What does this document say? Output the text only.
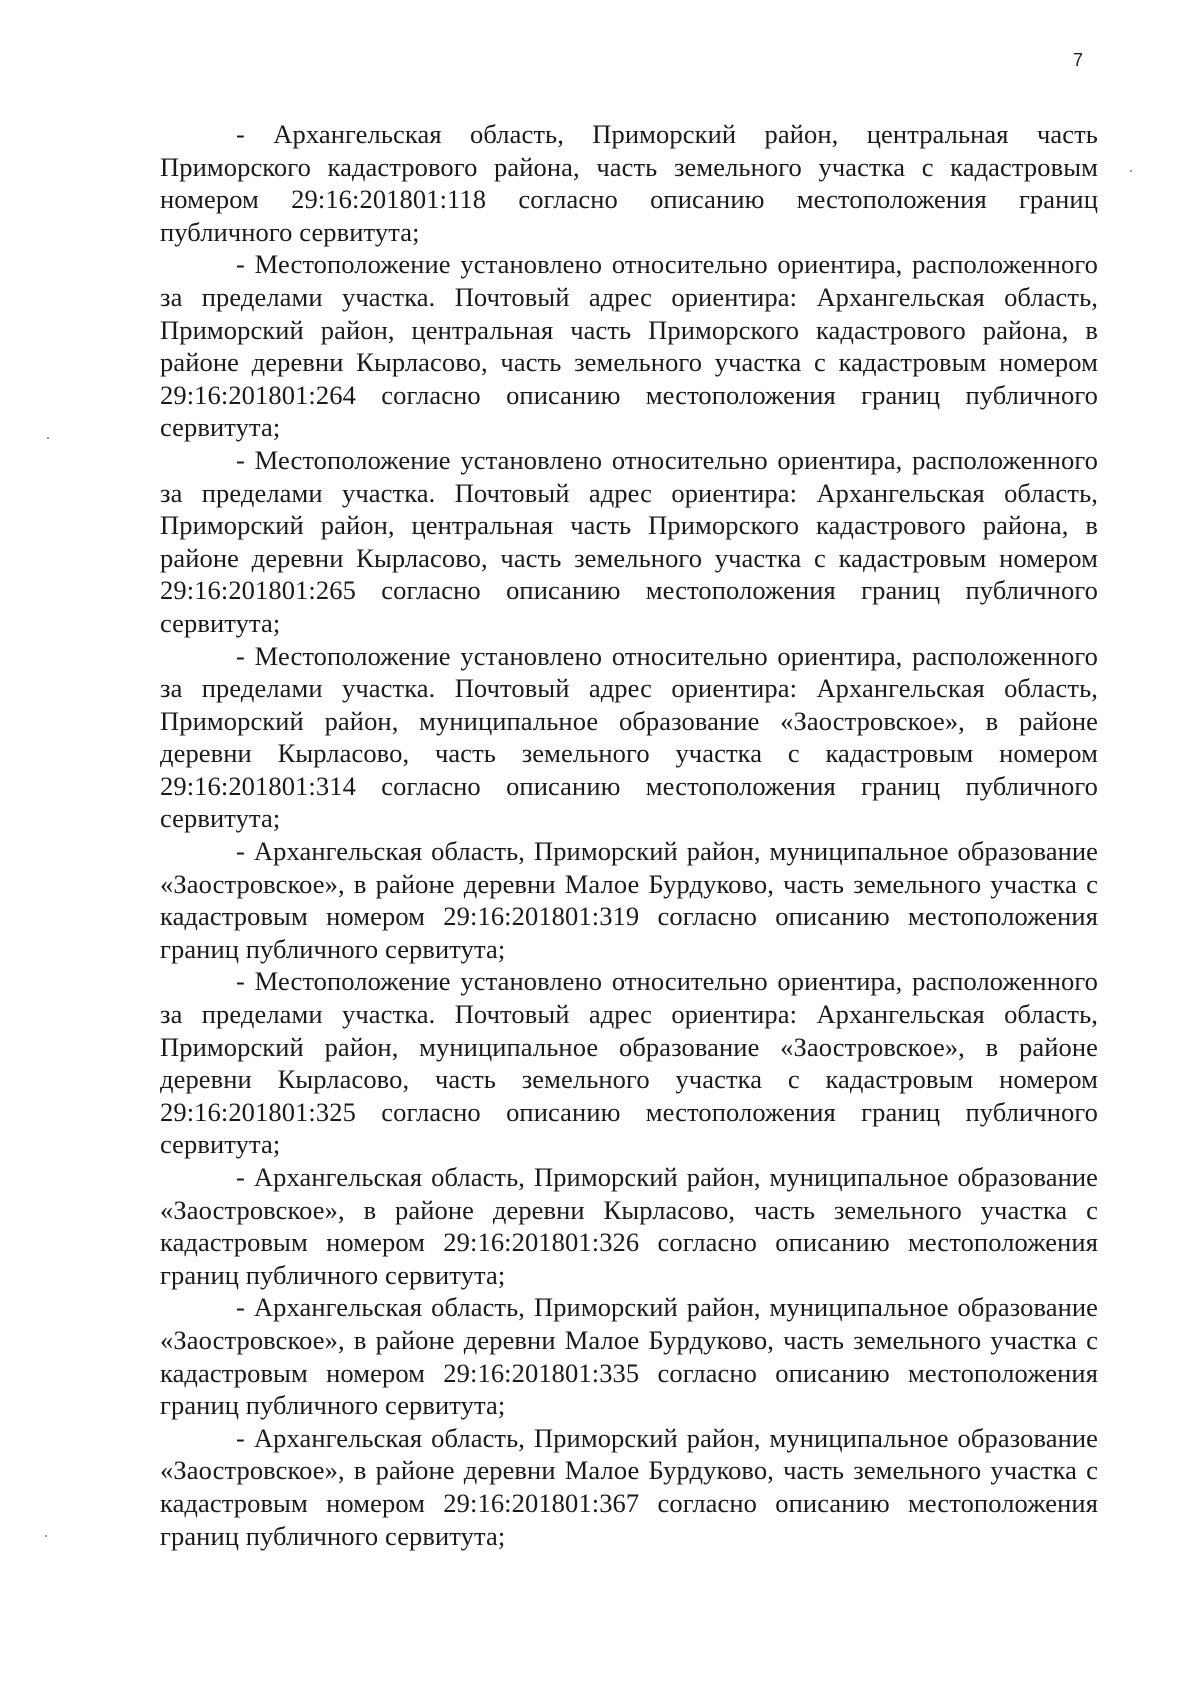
7

- Архангельская область, Приморский район, центральная часть Приморского кадастрового района, часть земельного участка с кадастровым номером 29:16:201801:118 согласно описанию местоположения границ публичного сервитута;

- Местоположение установлено относительно ориентира, расположенного за пределами участка. Почтовый адрес ориентира: Архангельская область, Приморский район, центральная часть Приморского кадастрового района, в районе деревни Кырласово, часть земельного участка с кадастровым номером 29:16:201801:264 согласно описанию местоположения границ публичного сервитута;

- Местоположение установлено относительно ориентира, расположенного за пределами участка. Почтовый адрес ориентира: Архангельская область, Приморский район, центральная часть Приморского кадастрового района, в районе деревни Кырласово, часть земельного участка с кадастровым номером 29:16:201801:265 согласно описанию местоположения границ публичного сервитута;

- Местоположение установлено относительно ориентира, расположенного за пределами участка. Почтовый адрес ориентира: Архангельская область, Приморский район, муниципальное образование «Заостровское», в районе деревни Кырласово, часть земельного участка с кадастровым номером 29:16:201801:314 согласно описанию местоположения границ публичного сервитута;

- Архангельская область, Приморский район, муниципальное образование «Заостровское», в районе деревни Малое Бурдуково, часть земельного участка с кадастровым номером 29:16:201801:319 согласно описанию местоположения границ публичного сервитута;

- Местоположение установлено относительно ориентира, расположенного за пределами участка. Почтовый адрес ориентира: Архангельская область, Приморский район, муниципальное образование «Заостровское», в районе деревни Кырласово, часть земельного участка с кадастровым номером 29:16:201801:325 согласно описанию местоположения границ публичного сервитута;

- Архангельская область, Приморский район, муниципальное образование «Заостровское», в районе деревни Кырласово, часть земельного участка с кадастровым номером 29:16:201801:326 согласно описанию местоположения границ публичного сервитута;

- Архангельская область, Приморский район, муниципальное образование «Заостровское», в районе деревни Малое Бурдуково, часть земельного участка с кадастровым номером 29:16:201801:335 согласно описанию местоположения границ публичного сервитута;

- Архангельская область, Приморский район, муниципальное образование «Заостровское», в районе деревни Малое Бурдуково, часть земельного участка с кадастровым номером 29:16:201801:367 согласно описанию местоположения границ публичного сервитута;
